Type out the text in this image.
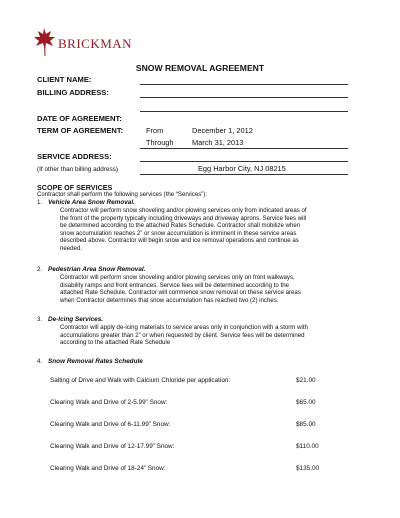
BRICKMAN
SNOW REMOVAL AGREEMENT
CLIENT NAME:
BILLING ADDRESS:
DATE OF AGREEMENT:
TERM OF AGREEMENT:	From	December 1, 2012
Through March 31, 2013
SERVICE ADDRESS:
(If other than billing address)	Egg Harbor City, NJ 08215
SCOPE OF SERVICES
Contractor shall perform the following services (the “Services”):
1. Vehicle Area Snow Removal.
Contractor will perform snow shoveling and/or plowing services only from indicated areas of
the front of the property typically including driveways and driveway aprons. Service fees will
be determined according to the attached Rates Schedule. Contractor shall mobilize when
snow accumulation reaches 2” or snow accumulation is imminent in these service areas
described above. Contractor will begin snow and ice removal operations and continue as
needed.
2. Pedestrian Area Snow Removal.
Contractor will perform snow shoveling and/or plowing services only on front walkways,
disability ramps and front entrances. Service fees will be determined according to the
attached Rate Schedule. Contractor will commence snow removal on these service areas
when Contractor determines that snow accumulation has reached two (2) inches.
3. De-Icing Services.
Contractor will apply de-icing materials to service areas only in conjunction with a storm with
accumulations greater than 2” or when requested by client. Service fees will be determined
according to the attached Rate Schedule
4. Snow Removal Rates Schedule
Salting of Drive and Walk with Calcium Chloride per application:	$21.00
Clearing Walk and Drive of 2-5.99” Snow:	$65.00
Clearing Walk and Drive of 6-11.99” Snow:	$85.00
Clearing Walk and Drive of 12-17.99” Snow:	$110.00
Clearing Walk and Drive of 18-24” Snow:	$135.00
